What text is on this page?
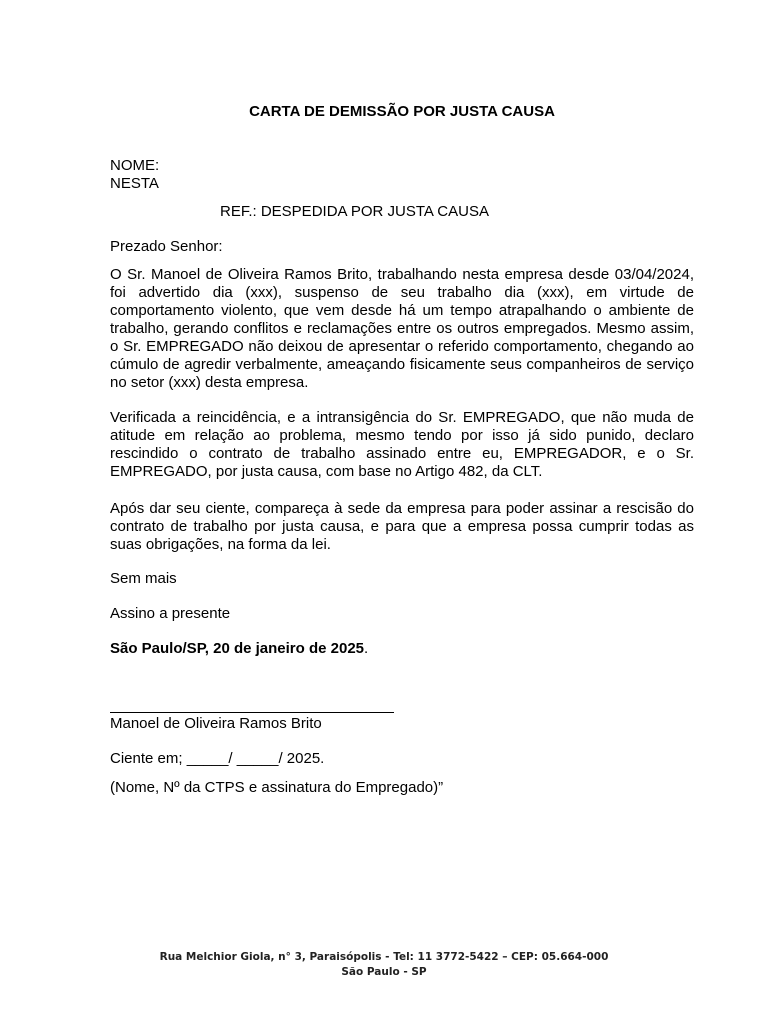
CARTA DE DEMISSÃO POR JUSTA CAUSA
NOME:
NESTA
REF.: DESPEDIDA POR JUSTA CAUSA
Prezado Senhor:
O Sr. Manoel de Oliveira Ramos Brito, trabalhando nesta empresa desde 03/04/2024, foi advertido dia (xxx), suspenso de seu trabalho dia (xxx), em virtude de comportamento violento, que vem desde há um tempo atrapalhando o ambiente de trabalho, gerando conflitos e reclamações entre os outros empregados. Mesmo assim, o Sr. EMPREGADO não deixou de apresentar o referido comportamento, chegando ao cúmulo de agredir verbalmente, ameaçando fisicamente seus companheiros de serviço no setor (xxx) desta empresa.
Verificada a reincidência, e a intransigência do Sr. EMPREGADO, que não muda de atitude em relação ao problema, mesmo tendo por isso já sido punido, declaro rescindido o contrato de trabalho assinado entre eu, EMPREGADOR, e o Sr. EMPREGADO, por justa causa, com base no Artigo 482, da CLT.
Após dar seu ciente, compareça à sede da empresa para poder assinar a rescisão do contrato de trabalho por justa causa, e para que a empresa possa cumprir todas as suas obrigações, na forma da lei.
Sem mais
Assino a presente
São Paulo/SP, 20 de janeiro de 2025.
Manoel de Oliveira Ramos Brito
Ciente em; _____/ _____/ 2025.
(Nome, Nº da CTPS e assinatura do Empregado)”
Rua Melchior Giola, n° 3, Paraisópolis - Tel: 11 3772-5422 – CEP: 05.664-000
São Paulo - SP
